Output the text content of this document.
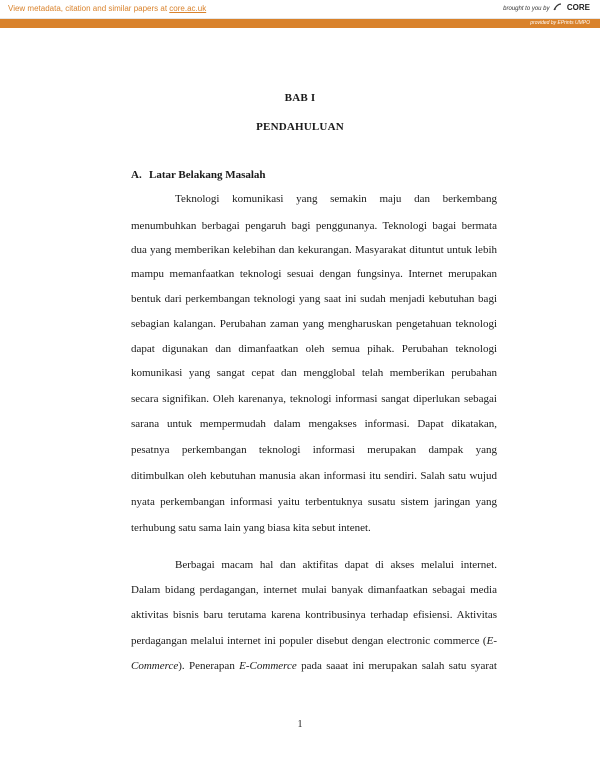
View metadata, citation and similar papers at core.ac.uk	brought to you by CORE
provided by EPrints UMPO
BAB I
PENDAHULUAN
A. Latar Belakang Masalah
Teknologi komunikasi yang semakin maju dan berkembang
menumbuhkan berbagai pengaruh bagi penggunanya. Teknologi bagai bermata
dua yang memberikan kelebihan dan kekurangan. Masyarakat dituntut untuk lebih
mampu memanfaatkan teknologi sesuai dengan fungsinya. Internet merupakan
bentuk dari perkembangan teknologi yang saat ini sudah menjadi kebutuhan bagi
sebagian kalangan. Perubahan zaman yang mengharuskan pengetahuan teknologi
dapat digunakan dan dimanfaatkan oleh semua pihak. Perubahan teknologi
komunikasi yang sangat cepat dan mengglobal telah memberikan perubahan
secara signifikan. Oleh karenanya, teknologi informasi sangat diperlukan sebagai
sarana untuk mempermudah dalam mengakses informasi. Dapat dikatakan,
pesatnya perkembangan teknologi informasi merupakan dampak yang
ditimbulkan oleh kebutuhan manusia akan informasi itu sendiri. Salah satu wujud
nyata perkembangan informasi yaitu terbentuknya susatu sistem jaringan yang
terhubung satu sama lain yang biasa kita sebut intenet.
Berbagai macam hal dan aktifitas dapat di akses melalui internet.
Dalam bidang perdagangan, internet mulai banyak dimanfaatkan sebagai media
aktivitas bisnis baru terutama karena kontribusinya terhadap efisiensi. Aktivitas
perdagangan melalui internet ini populer disebut dengan electronic commerce (E-
Commerce). Penerapan E-Commerce pada saaat ini merupakan salah satu syarat
1
